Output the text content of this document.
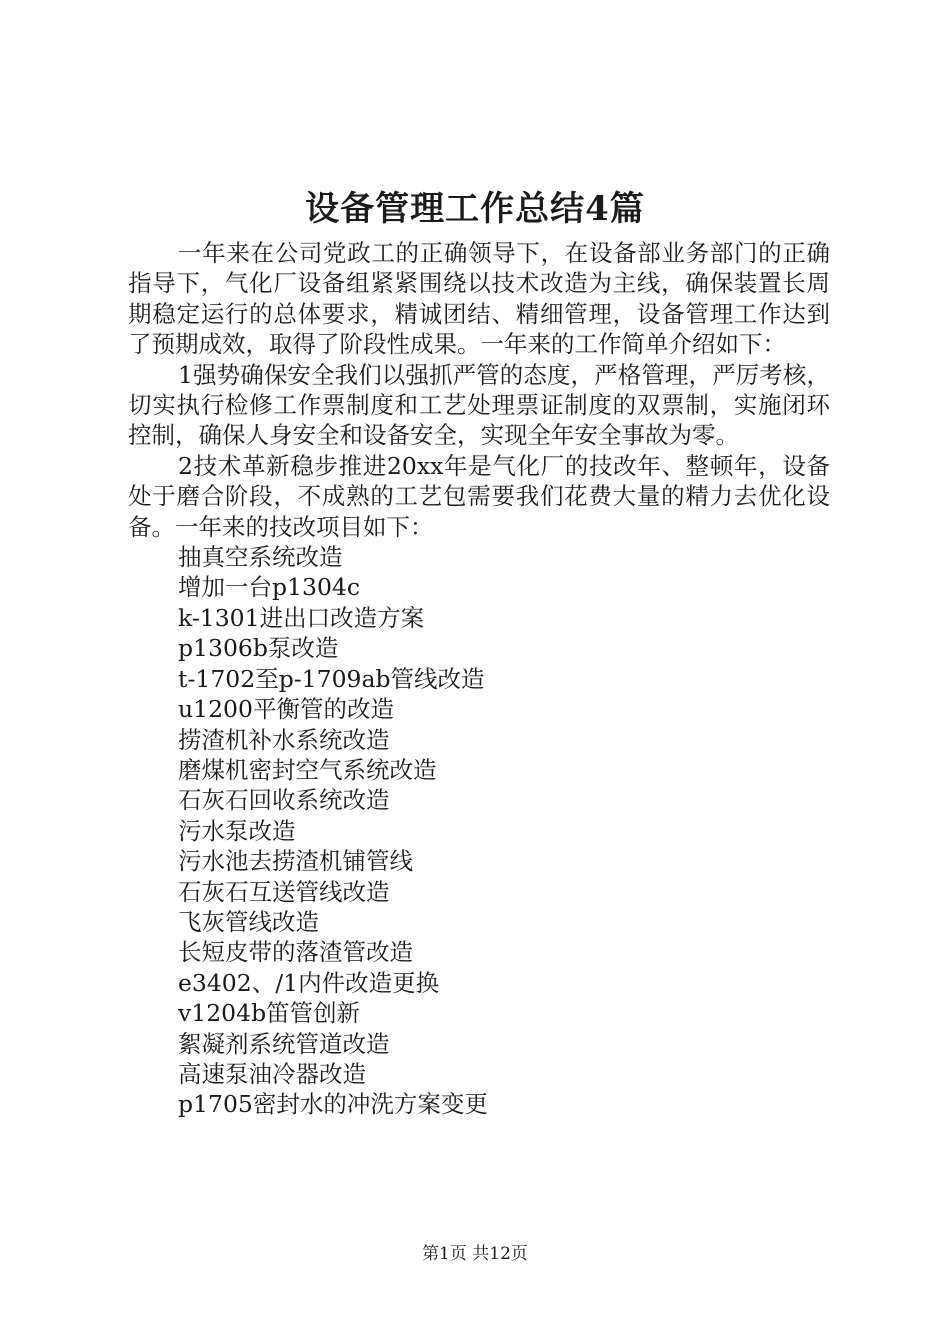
设备管理工作总结4篇

一年来在公司党政工的正确领导下，在设备部业务部门的正确指导下，气化厂设备组紧紧围绕以技术改造为主线，确保装置长周期稳定运行的总体要求，精诚团结、精细管理，设备管理工作达到了预期成效，取得了阶段性成果。一年来的工作简单介绍如下：

1强势确保安全我们以强抓严管的态度，严格管理，严厉考核，切实执行检修工作票制度和工艺处理票证制度的双票制，实施闭环控制，确保人身安全和设备安全，实现全年安全事故为零。

2技术革新稳步推进20xx年是气化厂的技改年、整顿年，设备处于磨合阶段，不成熟的工艺包需要我们花费大量的精力去优化设备。一年来的技改项目如下：

抽真空系统改造
增加一台p1304c
k-1301进出口改造方案
p1306b泵改造
t-1702至p-1709ab管线改造
u1200平衡管的改造
捞渣机补水系统改造
磨煤机密封空气系统改造
石灰石回收系统改造
污水泵改造
污水池去捞渣机铺管线
石灰石互送管线改造
飞灰管线改造
长短皮带的落渣管改造
e3402、/1内件改造更换
v1204b笛管创新
絮凝剂系统管道改造
高速泵油冷器改造
p1705密封水的冲洗方案变更
第1页 共12页
